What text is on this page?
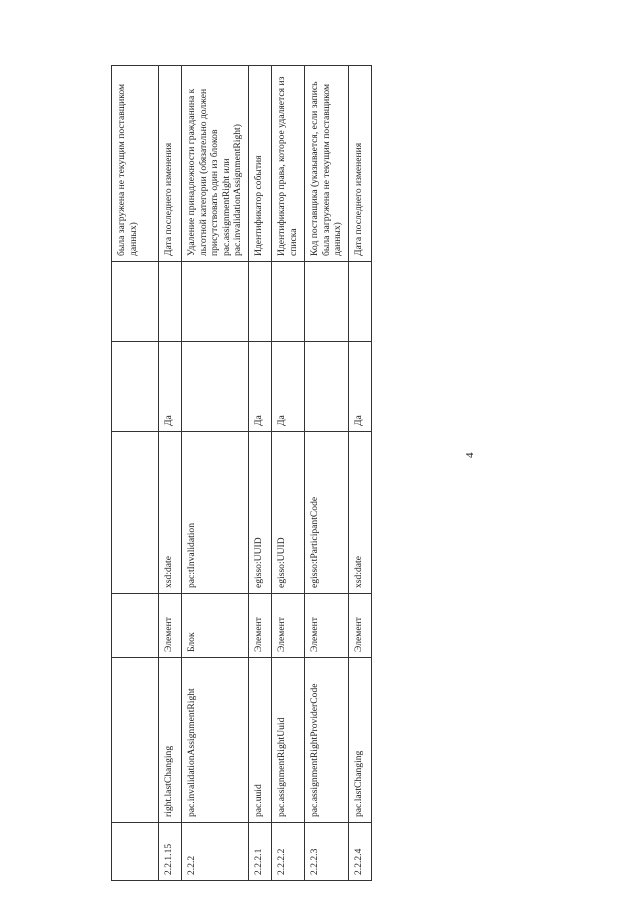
4
						была загружена не текущим поставщиком данных)
2.2.1.15	right.lastChanging	Элемент	xsd:date	Да		Дата последнего изменения
2.2.2	pac.invalidationAssignmentRight	Блок	pac:tInvalidation			Удаление принадлежности гражданина к льготной категории (обязательно должен присутствовать один из блоков pac.assignmentRight или pac.invalidationAssignmentRight)
2.2.2.1	pac.uuid	Элемент	egisso:UUID	Да		Идентификатор события
2.2.2.2	pac.assignmentRightUuid	Элемент	egisso:UUID	Да		Идентификатор права, которое удаляется из списка
2.2.2.3	pac.assignmentRightProviderCode	Элемент	egisso:tParticipantCode			Код поставщика (указывается, если запись была загружена не текущим поставщиком данных)
2.2.2.4	pac.lastChanging	Элемент	xsd:date	Да		Дата последнего изменения
